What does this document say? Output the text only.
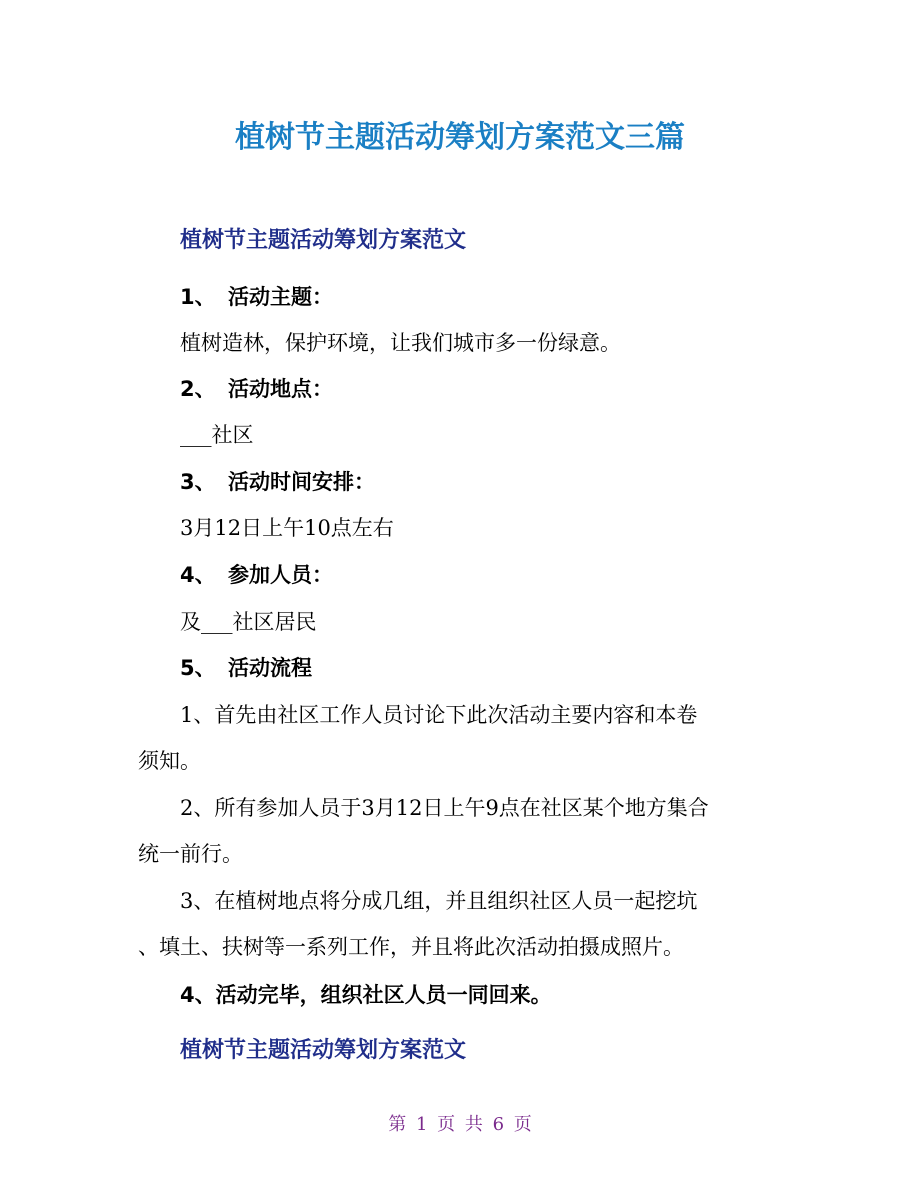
植树节主题活动筹划方案范文三篇
植树节主题活动筹划方案范文
1、 活动主题：
植树造林，保护环境，让我们城市多一份绿意。
2、 活动地点：
___社区
3、 活动时间安排：
3月12日上午10点左右
4、 参加人员：
及___社区居民
5、 活动流程
1、首先由社区工作人员讨论下此次活动主要内容和本卷
须知。
2、所有参加人员于3月12日上午9点在社区某个地方集合
统一前行。
3、在植树地点将分成几组，并且组织社区人员一起挖坑
、填土、扶树等一系列工作，并且将此次活动拍摄成照片。
4、活动完毕，组织社区人员一同回来。
植树节主题活动筹划方案范文
第 1 页 共 6 页
